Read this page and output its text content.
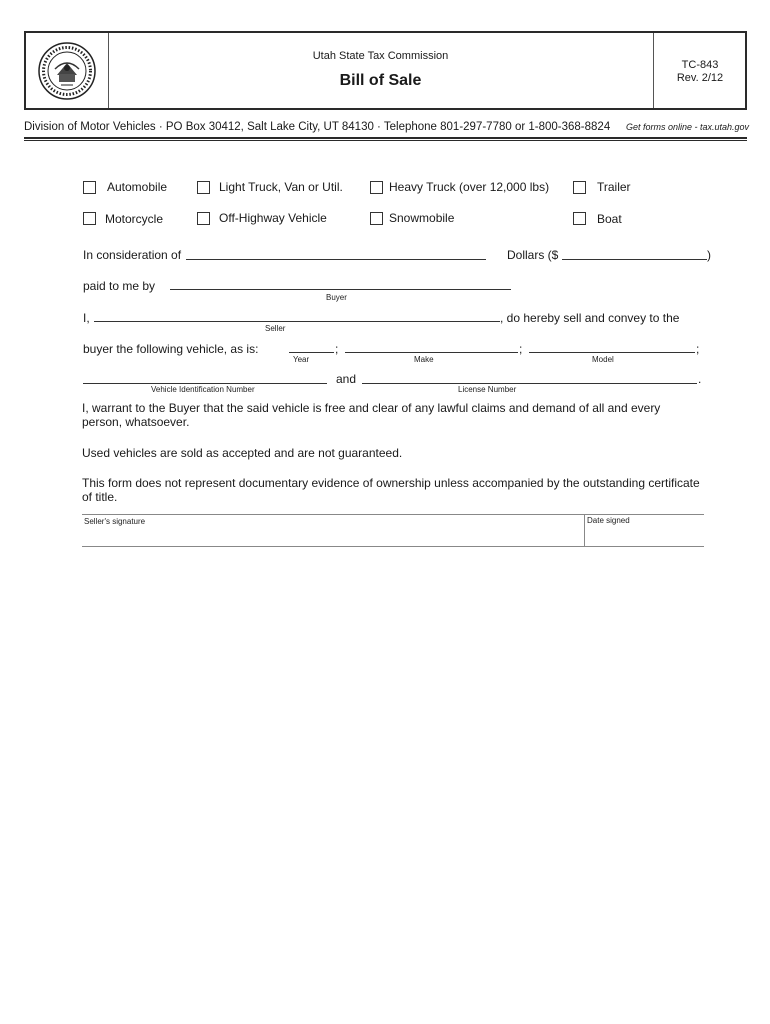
Utah State Tax Commission
Bill of Sale
TC-843
Rev. 2/12
Division of Motor Vehicles · PO Box 30412, Salt Lake City, UT 84130 · Telephone 801-297-7780 or 1-800-368-8824 Get forms online - tax.utah.gov
Automobile	Light Truck, Van or Util.	Heavy Truck (over 12,000 lbs)	Trailer
Motorcycle	Off-Highway Vehicle	Snowmobile	Boat
In consideration of	Dollars ($	)
paid to me by
Buyer
I,	, do hereby sell and convey to the
Seller
buyer the following vehicle, as is:	;	;	;
Year	Make	Model
and	.
Vehicle Identification Number	License Number
I, warrant to the Buyer that the said vehicle is free and clear of any lawful claims and demand of all and every person, whatsoever.
Used vehicles are sold as accepted and are not guaranteed.
This form does not represent documentary evidence of ownership unless accompanied by the outstanding certificate of title.
Seller's signature	Date signed
